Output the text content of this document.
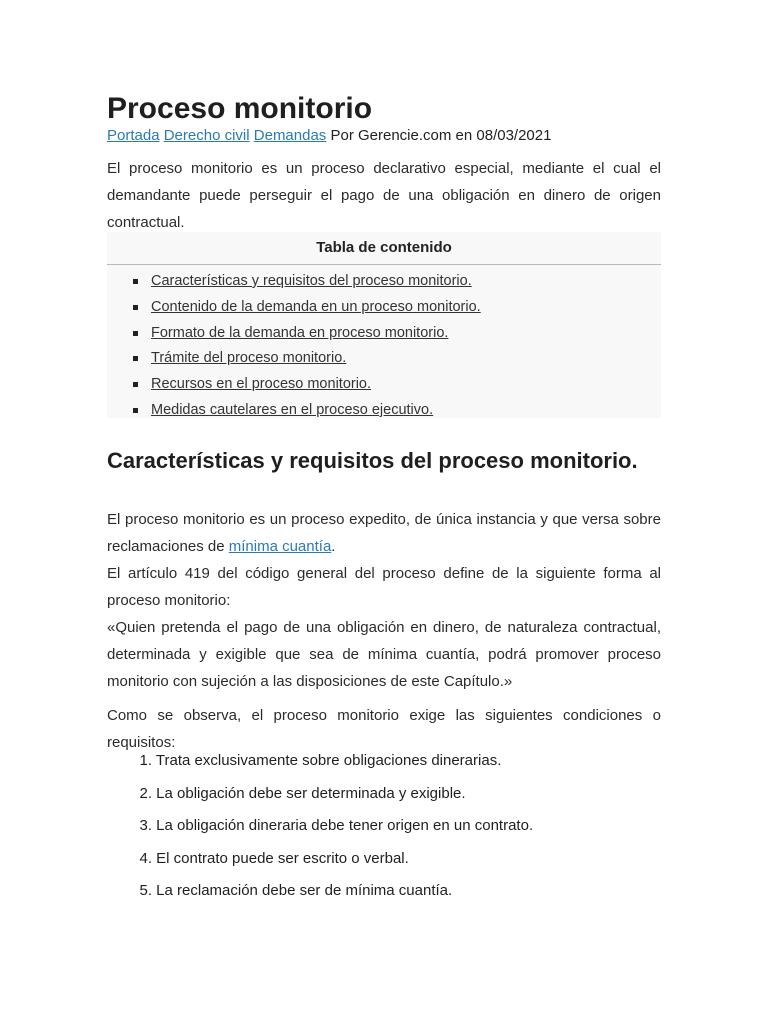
Proceso monitorio
Portada Derecho civil Demandas Por Gerencie.com en 08/03/2021

El proceso monitorio es un proceso declarativo especial, mediante el cual el demandante puede perseguir el pago de una obligación en dinero de origen contractual.

Tabla de contenido
Características y requisitos del proceso monitorio.
Contenido de la demanda en un proceso monitorio.
Formato de la demanda en proceso monitorio.
Trámite del proceso monitorio.
Recursos en el proceso monitorio.
Medidas cautelares en el proceso ejecutivo.
Características y requisitos del proceso monitorio.

El proceso monitorio es un proceso expedito, de única instancia y que versa sobre reclamaciones de mínima cuantía.

El artículo 419 del código general del proceso define de la siguiente forma al proceso monitorio:

«Quien pretenda el pago de una obligación en dinero, de naturaleza contractual, determinada y exigible que sea de mínima cuantía, podrá promover proceso monitorio con sujeción a las disposiciones de este Capítulo.»

Como se observa, el proceso monitorio exige las siguientes condiciones o requisitos:

1. Trata exclusivamente sobre obligaciones dinerarias.
2. La obligación debe ser determinada y exigible.
3. La obligación dineraria debe tener origen en un contrato.
4. El contrato puede ser escrito o verbal.
5. La reclamación debe ser de mínima cuantía.
